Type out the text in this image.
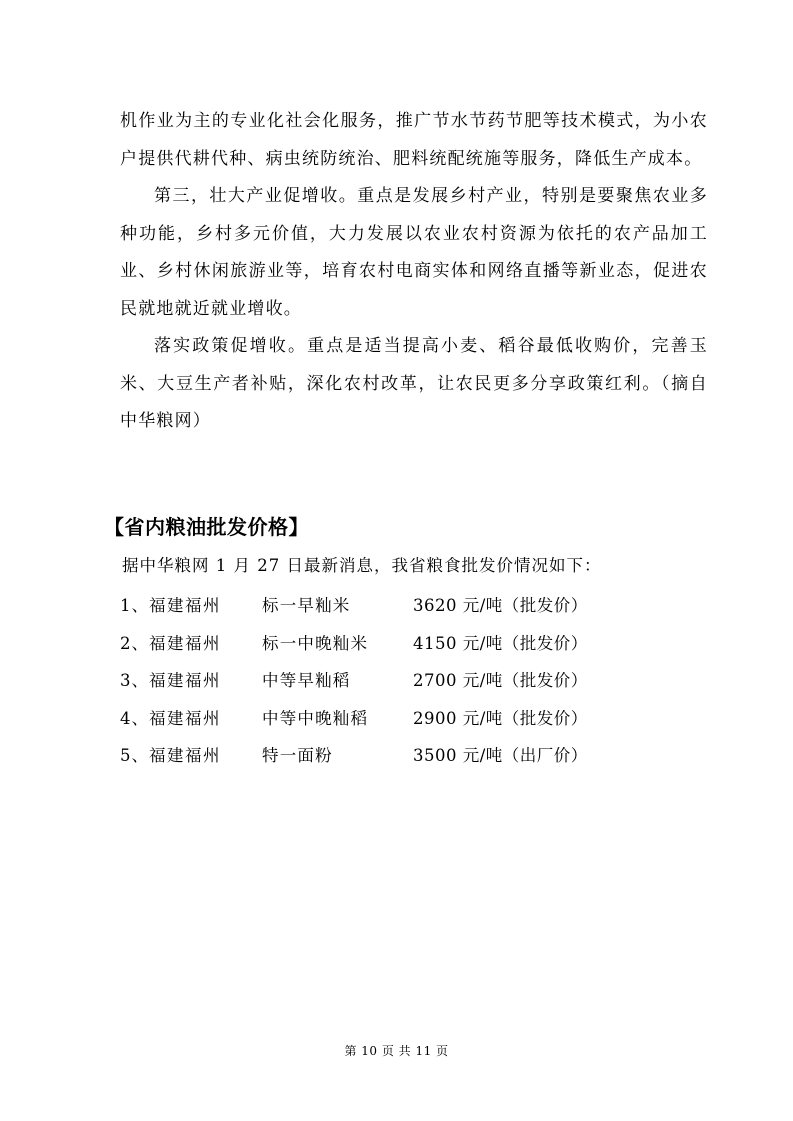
机作业为主的专业化社会化服务，推广节水节药节肥等技术模式，为小农户提供代耕代种、病虫统防统治、肥料统配统施等服务，降低生产成本。

第三，壮大产业促增收。重点是发展乡村产业，特别是要聚焦农业多种功能，乡村多元价值，大力发展以农业农村资源为依托的农产品加工业、乡村休闲旅游业等，培育农村电商实体和网络直播等新业态，促进农民就地就近就业增收。

落实政策促增收。重点是适当提高小麦、稻谷最低收购价，完善玉米、大豆生产者补贴，深化农村改革，让农民更多分享政策红利。（摘自中华粮网）

【省内粮油批发价格】
据中华粮网 1 月 27 日最新消息，我省粮食批发价情况如下：
1、 福建福州 标一早籼米	3620 元/吨（批发价）
2、 福建福州 标一中晚籼米	4150 元/吨（批发价）
3、 福建福州 中等早籼稻	2700 元/吨（批发价）
4、 福建福州 中等中晚籼稻	2900 元/吨（批发价）
5、 福建福州 特一面粉	3500 元/吨（出厂价）
第 10 页 共 11 页
